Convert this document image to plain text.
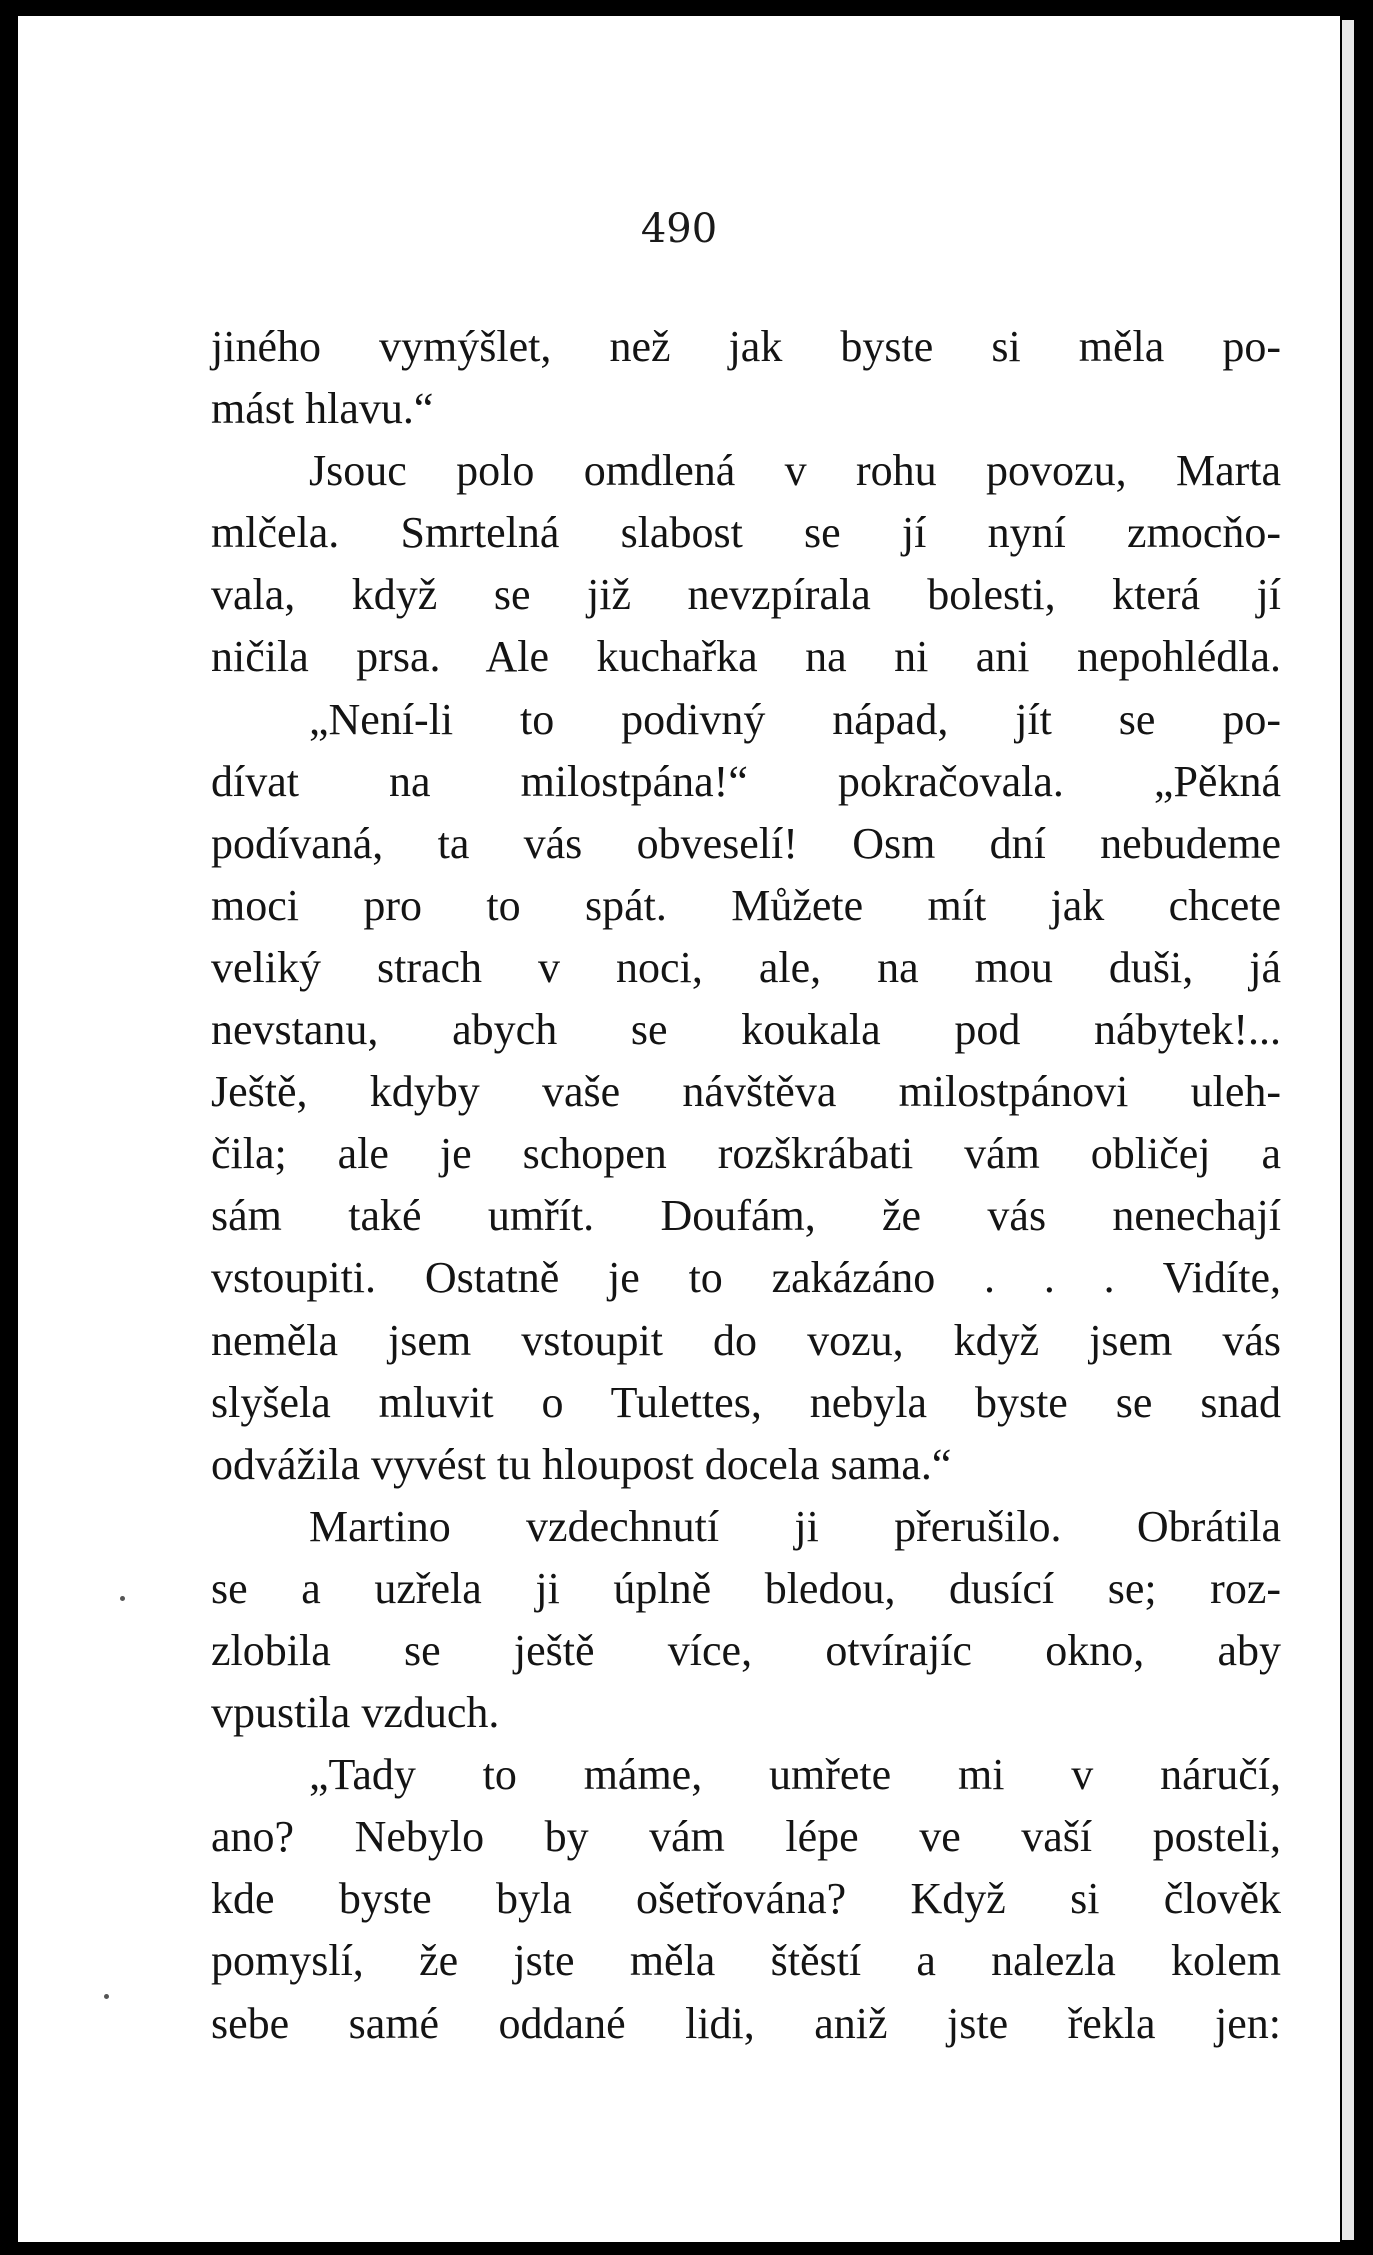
490
jiného vymýšlet, než jak byste si měla po-
mást hlavu.“
Jsouc polo omdlená v rohu povozu, Marta
mlčela. Smrtelná slabost se jí nyní zmocňo-
vala, když se již nevzpírala bolesti, která jí
ničila prsa. Ale kuchařka na ni ani nepohlédla.
„Není-li to podivný nápad, jít se po-
dívat na milostpána!“ pokračovala. „Pěkná
podívaná, ta vás obveselí! Osm dní nebudeme
moci pro to spát. Můžete mít jak chcete
veliký strach v noci, ale, na mou duši, já
nevstanu, abych se koukala pod nábytek!...
Ještě, kdyby vaše návštěva milostpánovi uleh-
čila; ale je schopen rozškrábati vám obličej a
sám také umřít. Doufám, že vás nenechají
vstoupiti. Ostatně je to zakázáno . . . Vidíte,
neměla jsem vstoupit do vozu, když jsem vás
slyšela mluvit o Tulettes, nebyla byste se snad
odvážila vyvést tu hloupost docela sama.“
Martino vzdechnutí ji přerušilo. Obrátila
se a uzřela ji úplně bledou, dusící se; roz-
zlobila se ještě více, otvírajíc okno, aby
vpustila vzduch.
„Tady to máme, umřete mi v náručí,
ano? Nebylo by vám lépe ve vaší posteli,
kde byste byla ošetřována? Když si člověk
pomyslí, že jste měla štěstí a nalezla kolem
sebe samé oddané lidi, aniž jste řekla jen:
